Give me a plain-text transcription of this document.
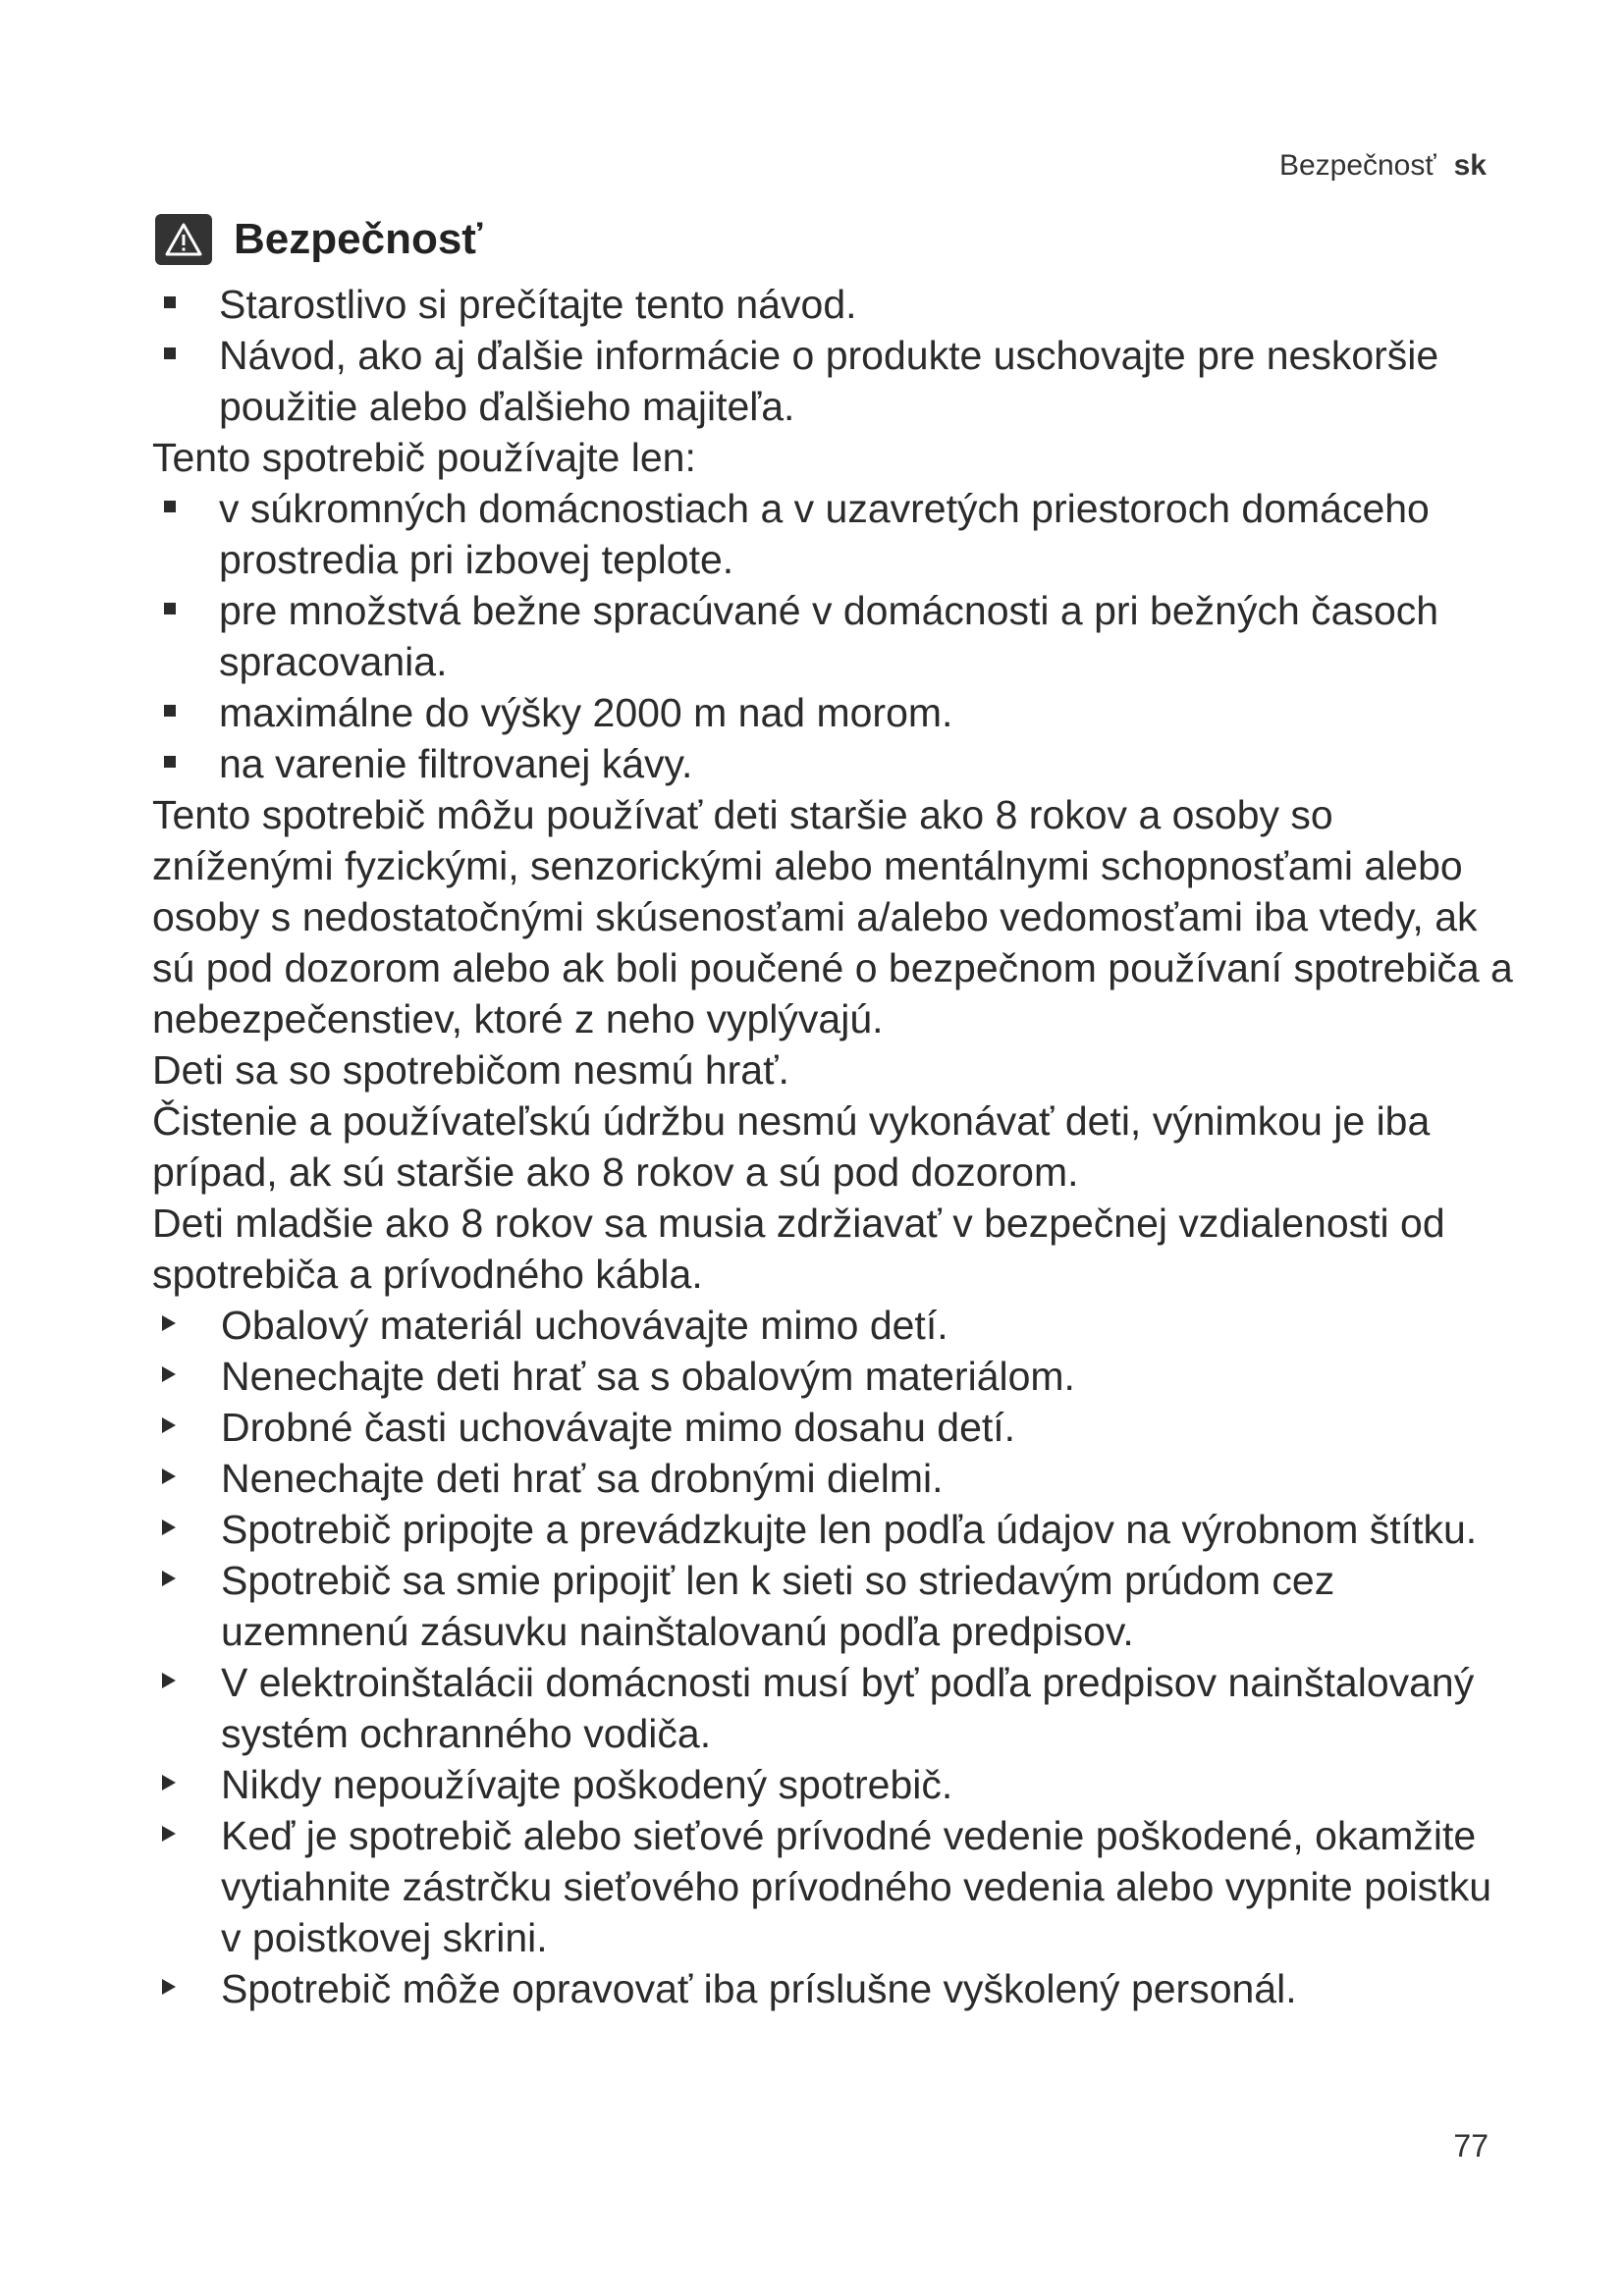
Bezpečnosť sk
Bezpečnosť

Starostlivo si prečítajte tento návod.

Návod, ako aj ďalšie informácie o produkte uschovajte pre neskoršie použitie alebo ďalšieho majiteľa.

Tento spotrebič používajte len:

v súkromných domácnostiach a v uzavretých priestoroch domáceho prostredia pri izbovej teplote.

pre množstvá bežne spracúvané v domácnosti a pri bežných časoch spracovania.

maximálne do výšky 2000 m nad morom.

na varenie filtrovanej kávy.

Tento spotrebič môžu používať deti staršie ako 8 rokov a osoby so zníženými fyzickými, senzorickými alebo mentálnymi schopnosťami alebo osoby s nedostatočnými skúsenosťami a/alebo vedomosťami iba vtedy, ak sú pod dozorom alebo ak boli poučené o bezpečnom používaní spotrebiča a nebezpečenstiev, ktoré z neho vyplývajú.

Deti sa so spotrebičom nesmú hrať.

Čistenie a používateľskú údržbu nesmú vykonávať deti, výnimkou je iba prípad, ak sú staršie ako 8 rokov a sú pod dozorom.

Deti mladšie ako 8 rokov sa musia zdržiavať v bezpečnej vzdialenosti od spotrebiča a prívodného kábla.

Obalový materiál uchovávajte mimo detí.

Nenechajte deti hrať sa s obalovým materiálom.

Drobné časti uchovávajte mimo dosahu detí.

Nenechajte deti hrať sa drobnými dielmi.

Spotrebič pripojte a prevádzkujte len podľa údajov na výrobnom štítku.

Spotrebič sa smie pripojiť len k sieti so striedavým prúdom cez uzemnenú zásuvku nainštalovanú podľa predpisov.

V elektroinštalácii domácnosti musí byť podľa predpisov nainštalovaný systém ochranného vodiča.

Nikdy nepoužívajte poškodený spotrebič.

Keď je spotrebič alebo sieťové prívodné vedenie poškodené, okamžite vytiahnite zástrčku sieťového prívodného vedenia alebo vypnite poistku v poistkovej skrini.

Spotrebič môže opravovať iba príslušne vyškolený personál.

77
